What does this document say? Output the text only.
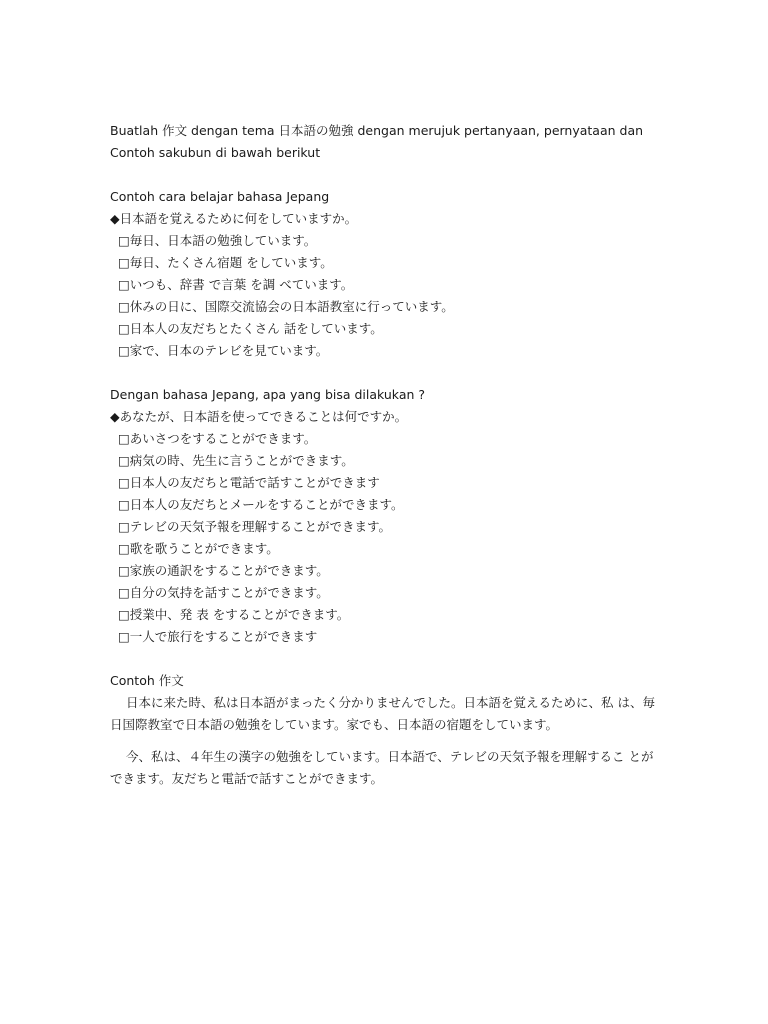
Buatlah 作文 dengan tema 日本語の勉強 dengan merujuk pertanyaan, pernyataan dan
Contoh sakubun di bawah berikut
Contoh cara belajar bahasa Jepang
◆日本語を覚えるために何をしていますか。
□毎日、日本語の勉強しています。
□毎日、たくさん宿題 をしています。
□いつも、辞書 で言葉 を調 べています。
□休みの日に、国際交流協会の日本語教室に行っています。
□日本人の友だちとたくさん 話をしています。
□家で、日本のテレビを見ています。
Dengan bahasa Jepang, apa yang bisa dilakukan ?
◆あなたが、日本語を使ってできることは何ですか。
□あいさつをすることができます。
□病気の時、先生に言うことができます。
□日本人の友だちと電話で話すことができます
□日本人の友だちとメールをすることができます。
□テレビの天気予報を理解することができます。
□歌を歌うことができます。
□家族の通訳をすることができます。
□自分の気持を話すことができます。
□授業中、発 表 をすることができます。
□一人で旅行をすることができます
Contoh 作文
日本に来た時、私は日本語がまったく分かりませんでした。日本語を覚えるために、私 は、毎
日国際教室で日本語の勉強をしています。家でも、日本語の宿題をしています。
今、私は、４年生の漢字の勉強をしています。日本語で、テレビの天気予報を理解するこ とが
できます。友だちと電話で話すことができます。
